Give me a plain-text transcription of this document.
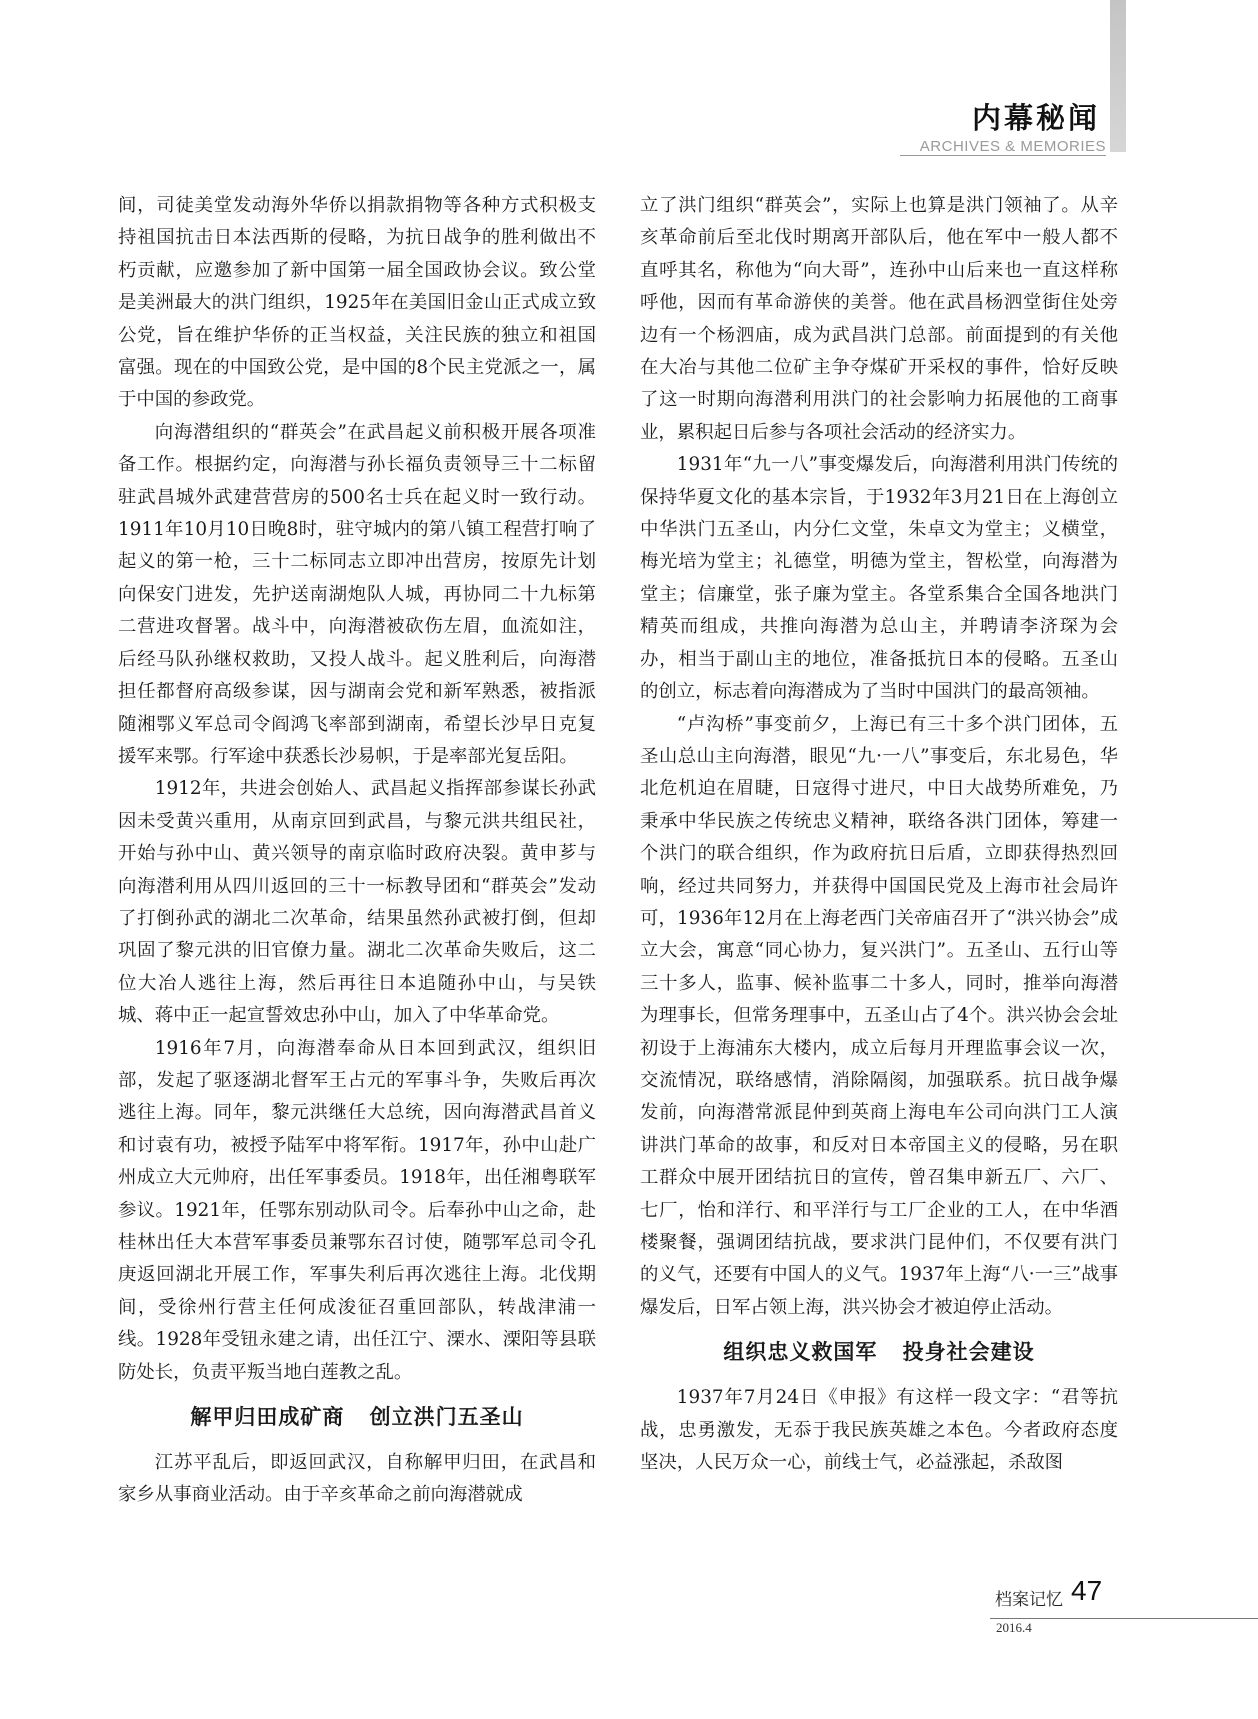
内幕秘闻
ARCHIVES & MEMORIES

间，司徒美堂发动海外华侨以捐款捐物等各种方式积极支持祖国抗击日本法西斯的侵略，为抗日战争的胜利做出不朽贡献，应邀参加了新中国第一届全国政协会议。致公堂是美洲最大的洪门组织，1925年在美国旧金山正式成立致公党，旨在维护华侨的正当权益，关注民族的独立和祖国富强。现在的中国致公党，是中国的8个民主党派之一，属于中国的参政党。

向海潜组织的“群英会”在武昌起义前积极开展各项准备工作。根据约定，向海潜与孙长福负责领导三十二标留驻武昌城外武建营营房的500名士兵在起义时一致行动。1911年10月10日晚8时，驻守城内的第八镇工程营打响了起义的第一枪，三十二标同志立即冲出营房，按原先计划向保安门进发，先护送南湖炮队人城，再协同二十九标第二营进攻督署。战斗中，向海潜被砍伤左眉，血流如注，后经马队孙继权救助，又投人战斗。起义胜利后，向海潜担任都督府高级参谋，因与湖南会党和新军熟悉，被指派随湘鄂义军总司令阎鸿飞率部到湖南，希望长沙早日克复援军来鄂。行军途中获悉长沙易帜，于是率部光复岳阳。

1912年，共进会创始人、武昌起义指挥部参谋长孙武因未受黄兴重用，从南京回到武昌，与黎元洪共组民社，开始与孙中山、黄兴领导的南京临时政府决裂。黄申芗与向海潜利用从四川返回的三十一标教导团和“群英会”发动了打倒孙武的湖北二次革命，结果虽然孙武被打倒，但却巩固了黎元洪的旧官僚力量。湖北二次革命失败后，这二位大冶人逃往上海，然后再往日本追随孙中山，与吴铁城、蒋中正一起宣誓效忠孙中山，加入了中华革命党。

1916年7月，向海潜奉命从日本回到武汉，组织旧部，发起了驱逐湖北督军王占元的军事斗争，失败后再次逃往上海。同年，黎元洪继任大总统，因向海潜武昌首义和讨袁有功，被授予陆军中将军衔。1917年，孙中山赴广州成立大元帅府，出任军事委员。1918年，出任湘粤联军参议。1921年，任鄂东别动队司令。后奉孙中山之命，赴桂林出任大本营军事委员兼鄂东召讨使，随鄂军总司令孔庚返回湖北开展工作，军事失利后再次逃往上海。北伐期间，受徐州行营主任何成浚征召重回部队，转战津浦一线。1928年受钮永建之请，出任江宁、溧水、溧阳等县联防处长，负责平叛当地白莲教之乱。

解甲归田成矿商 创立洪门五圣山

江苏平乱后，即返回武汉，自称解甲归田，在武昌和家乡从事商业活动。由于辛亥革命之前向海潜就成

立了洪门组织“群英会”，实际上也算是洪门领袖了。从辛亥革命前后至北伐时期离开部队后，他在军中一般人都不直呼其名，称他为“向大哥”，连孙中山后来也一直这样称呼他，因而有革命游侠的美誉。他在武昌杨泗堂街住处旁边有一个杨泗庙，成为武昌洪门总部。前面提到的有关他在大冶与其他二位矿主争夺煤矿开采权的事件，恰好反映了这一时期向海潜利用洪门的社会影响力拓展他的工商事业，累积起日后参与各项社会活动的经济实力。

1931年“九一八”事变爆发后，向海潜利用洪门传统的保持华夏文化的基本宗旨，于1932年3月21日在上海创立中华洪门五圣山，内分仁文堂，朱卓文为堂主；义横堂，梅光培为堂主；礼德堂，明德为堂主，智松堂，向海潜为堂主；信廉堂，张子廉为堂主。各堂系集合全国各地洪门精英而组成，共推向海潜为总山主，并聘请李济琛为会办，相当于副山主的地位，准备抵抗日本的侵略。五圣山的创立，标志着向海潜成为了当时中国洪门的最高领袖。

“卢沟桥”事变前夕，上海已有三十多个洪门团体，五圣山总山主向海潜，眼见“九·一八”事变后，东北易色，华北危机迫在眉睫，日寇得寸进尺，中日大战势所难免，乃秉承中华民族之传统忠义精神，联络各洪门团体，筹建一个洪门的联合组织，作为政府抗日后盾，立即获得热烈回响，经过共同努力，并获得中国国民党及上海市社会局许可，1936年12月在上海老西门关帝庙召开了“洪兴协会”成立大会，寓意“同心协力，复兴洪门”。五圣山、五行山等三十多人，监事、候补监事二十多人，同时，推举向海潜为理事长，但常务理事中，五圣山占了4个。洪兴协会会址初设于上海浦东大楼内，成立后每月开理监事会议一次，交流情况，联络感情，消除隔阂，加强联系。抗日战争爆发前，向海潜常派昆仲到英商上海电车公司向洪门工人演讲洪门革命的故事，和反对日本帝国主义的侵略，另在职工群众中展开团结抗日的宣传，曾召集申新五厂、六厂、七厂，怡和洋行、和平洋行与工厂企业的工人，在中华酒楼聚餐，强调团结抗战，要求洪门昆仲们，不仅要有洪门的义气，还要有中国人的义气。1937年上海“八·一三”战事爆发后，日军占领上海，洪兴协会才被迫停止活动。

组织忠义救国军 投身社会建设

1937年7月24日《申报》有这样一段文字：“君等抗战，忠勇激发，无忝于我民族英雄之本色。今者政府态度坚决，人民万众一心，前线士气，必益涨起，杀敌图

档案记忆 47
2016.4
